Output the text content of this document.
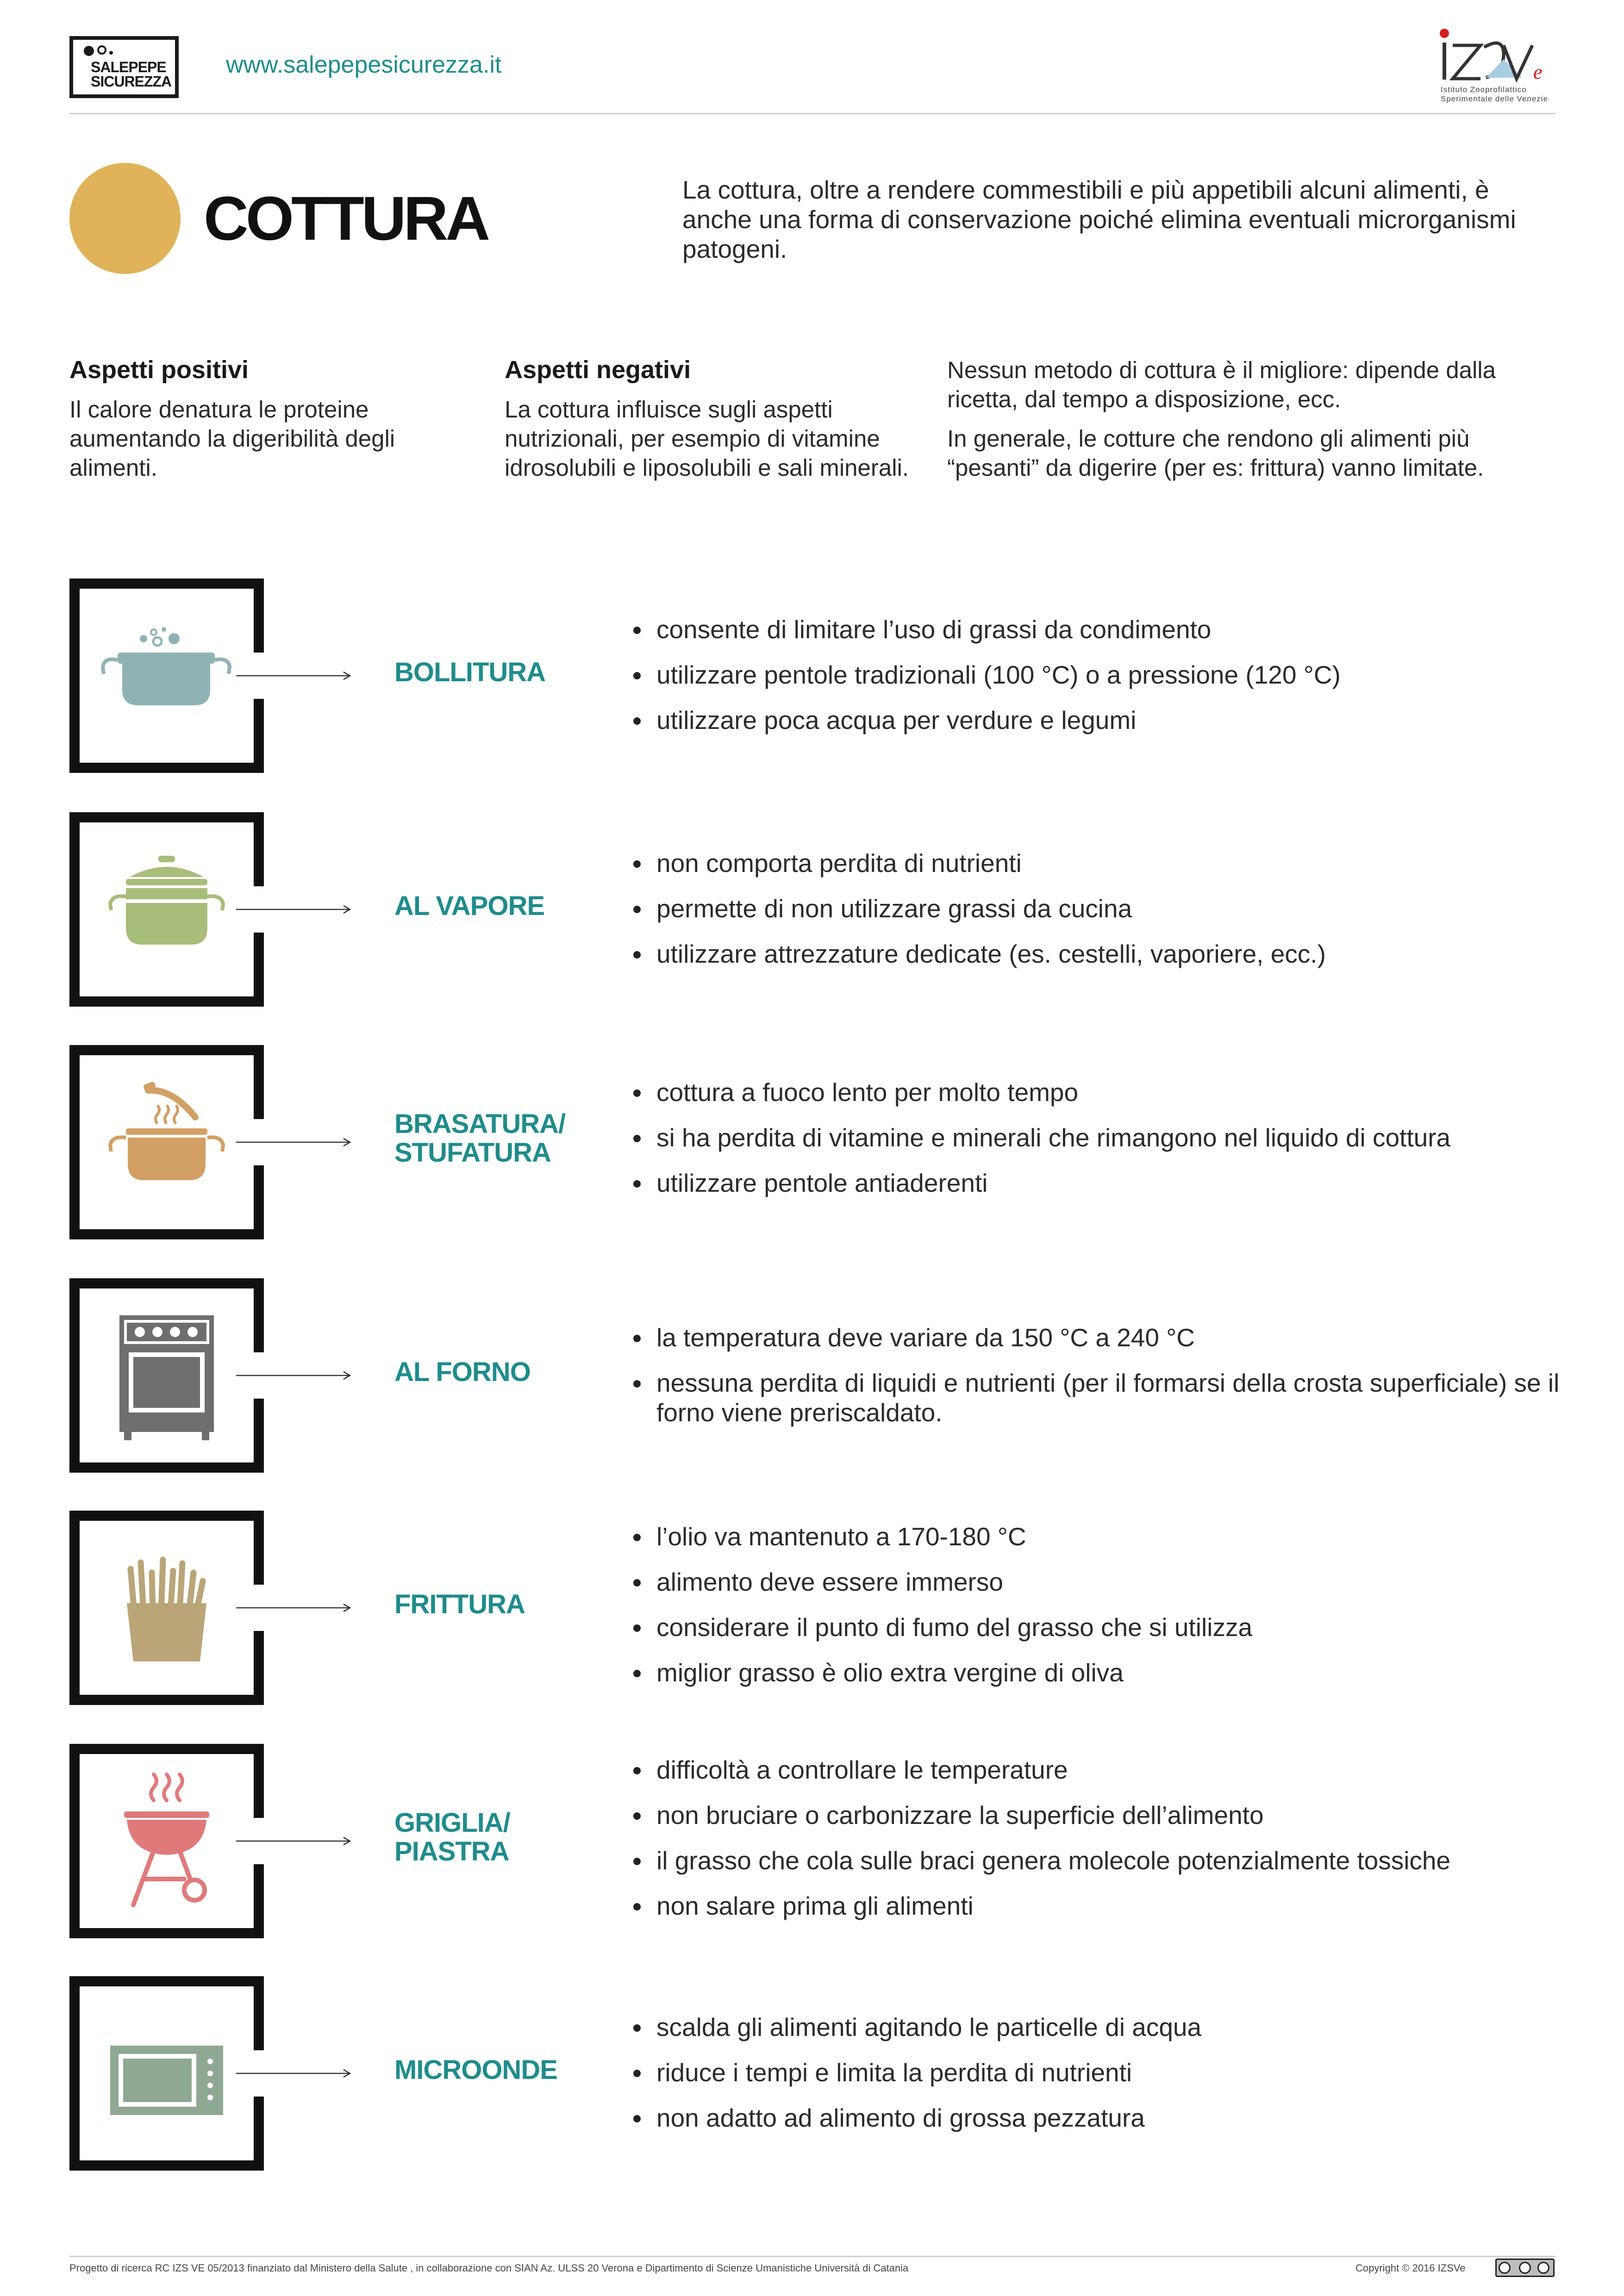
SALEPEPE
SICUREZZA
www.salepepesicurezza.it	e
Istituto Zooprofilattico
Sperimentale delle Venezie
COTTURA	La cottura, oltre a rendere commestibili e più appetibili alcuni alimenti, è anche una forma di conservazione poiché elimina eventuali microrganismi patogeni.
Aspetti positivi

Il calore denatura le proteine aumentando la digeribilità degli alimenti.

Aspetti negativi

La cottura influisce sugli aspetti nutrizionali, per esempio di vitamine idrosolubili e liposolubili e sali minerali.

Nessun metodo di cottura è il migliore: dipende dalla ricetta, dal tempo a disposizione, ecc.

In generale, le cotture che rendono gli alimenti più “pesanti” da digerire (per es: frittura) vanno limitate.

BOLLITURA
consente di limitare l’uso di grassi da condimento
utilizzare pentole tradizionali (100 °C) o a pressione (120 °C)
utilizzare poca acqua per verdure e legumi
AL VAPORE
non comporta perdita di nutrienti
permette di non utilizzare grassi da cucina
utilizzare attrezzature dedicate (es. cestelli, vaporiere, ecc.)
BRASATURA/
STUFATURA
cottura a fuoco lento per molto tempo
si ha perdita di vitamine e minerali che rimangono nel liquido di cottura
utilizzare pentole antiaderenti
AL FORNO
la temperatura deve variare da 150 °C a 240 °C
nessuna perdita di liquidi e nutrienti (per il formarsi della crosta superficiale) se il forno viene preriscaldato.
FRITTURA
l’olio va mantenuto a 170-180 °C
alimento deve essere immerso
considerare il punto di fumo del grasso che si utilizza
miglior grasso è olio extra vergine di oliva
GRIGLIA/
PIASTRA
difficoltà a controllare le temperature
non bruciare o carbonizzare la superficie dell’alimento
il grasso che cola sulle braci genera molecole potenzialmente tossiche
non salare prima gli alimenti
MICROONDE
scalda gli alimenti agitando le particelle di acqua
riduce i tempi e limita la perdita di nutrienti
non adatto ad alimento di grossa pezzatura
Progetto di ricerca RC IZS VE 05/2013 finanziato dal Ministero della Salute , in collaborazione con SIAN Az. ULSS 20 Verona e Dipartimento di Scienze Umanistiche Università di Catania	Copyright © 2016 IZSVe
